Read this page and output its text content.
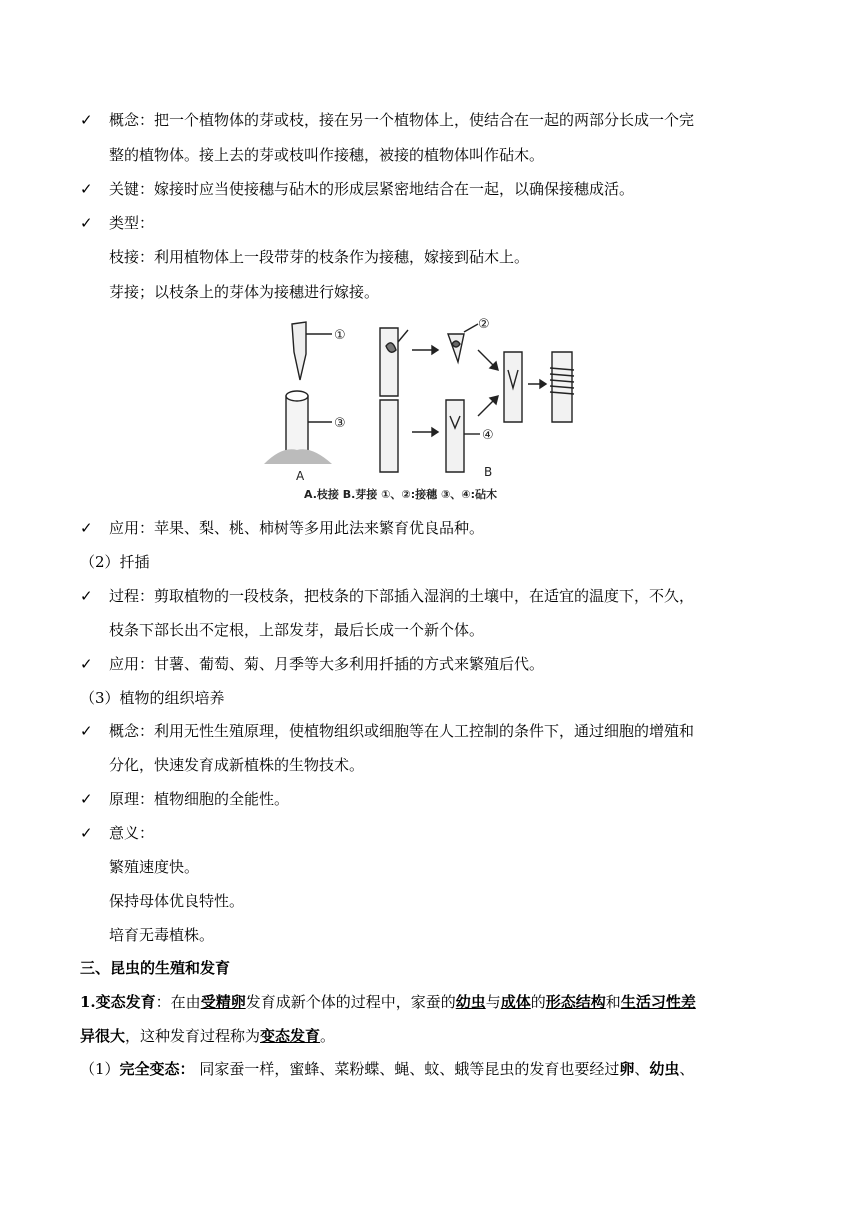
✓ 概念：把一个植物体的芽或枝，接在另一个植物体上，使结合在一起的两部分长成一个完
整的植物体。接上去的芽或枝叫作接穗，被接的植物体叫作砧木。
✓ 关键：嫁接时应当使接穗与砧木的形成层紧密地结合在一起，以确保接穗成活。
✓ 类型：
枝接：利用植物体上一段带芽的枝条作为接穗，嫁接到砧木上。
芽接；以枝条上的芽体为接穗进行嫁接。
①
③
②
④
A	B
A.枝接 B.芽接 ①、②:接穗 ③、④:砧木
✓ 应用：苹果、梨、桃、柿树等多用此法来繁育优良品种。
（2）扦插
✓ 过程：剪取植物的一段枝条，把枝条的下部插入湿润的土壤中，在适宜的温度下，不久，
枝条下部长出不定根，上部发芽，最后长成一个新个体。
✓ 应用：甘薯、葡萄、菊、月季等大多利用扦插的方式来繁殖后代。
（3）植物的组织培养
✓ 概念：利用无性生殖原理，使植物组织或细胞等在人工控制的条件下，通过细胞的增殖和
分化，快速发育成新植株的生物技术。
✓ 原理：植物细胞的全能性。
✓ 意义：
繁殖速度快。
保持母体优良特性。
培育无毒植株。
三、昆虫的生殖和发育
1.变态发育：在由受精卵发育成新个体的过程中，家蚕的幼虫与成体的形态结构和生活习性差
异很大，这种发育过程称为变态发育。
（1）完全变态： 同家蚕一样，蜜蜂、菜粉蝶、蝇、蚊、蛾等昆虫的发育也要经过卵、幼虫、
